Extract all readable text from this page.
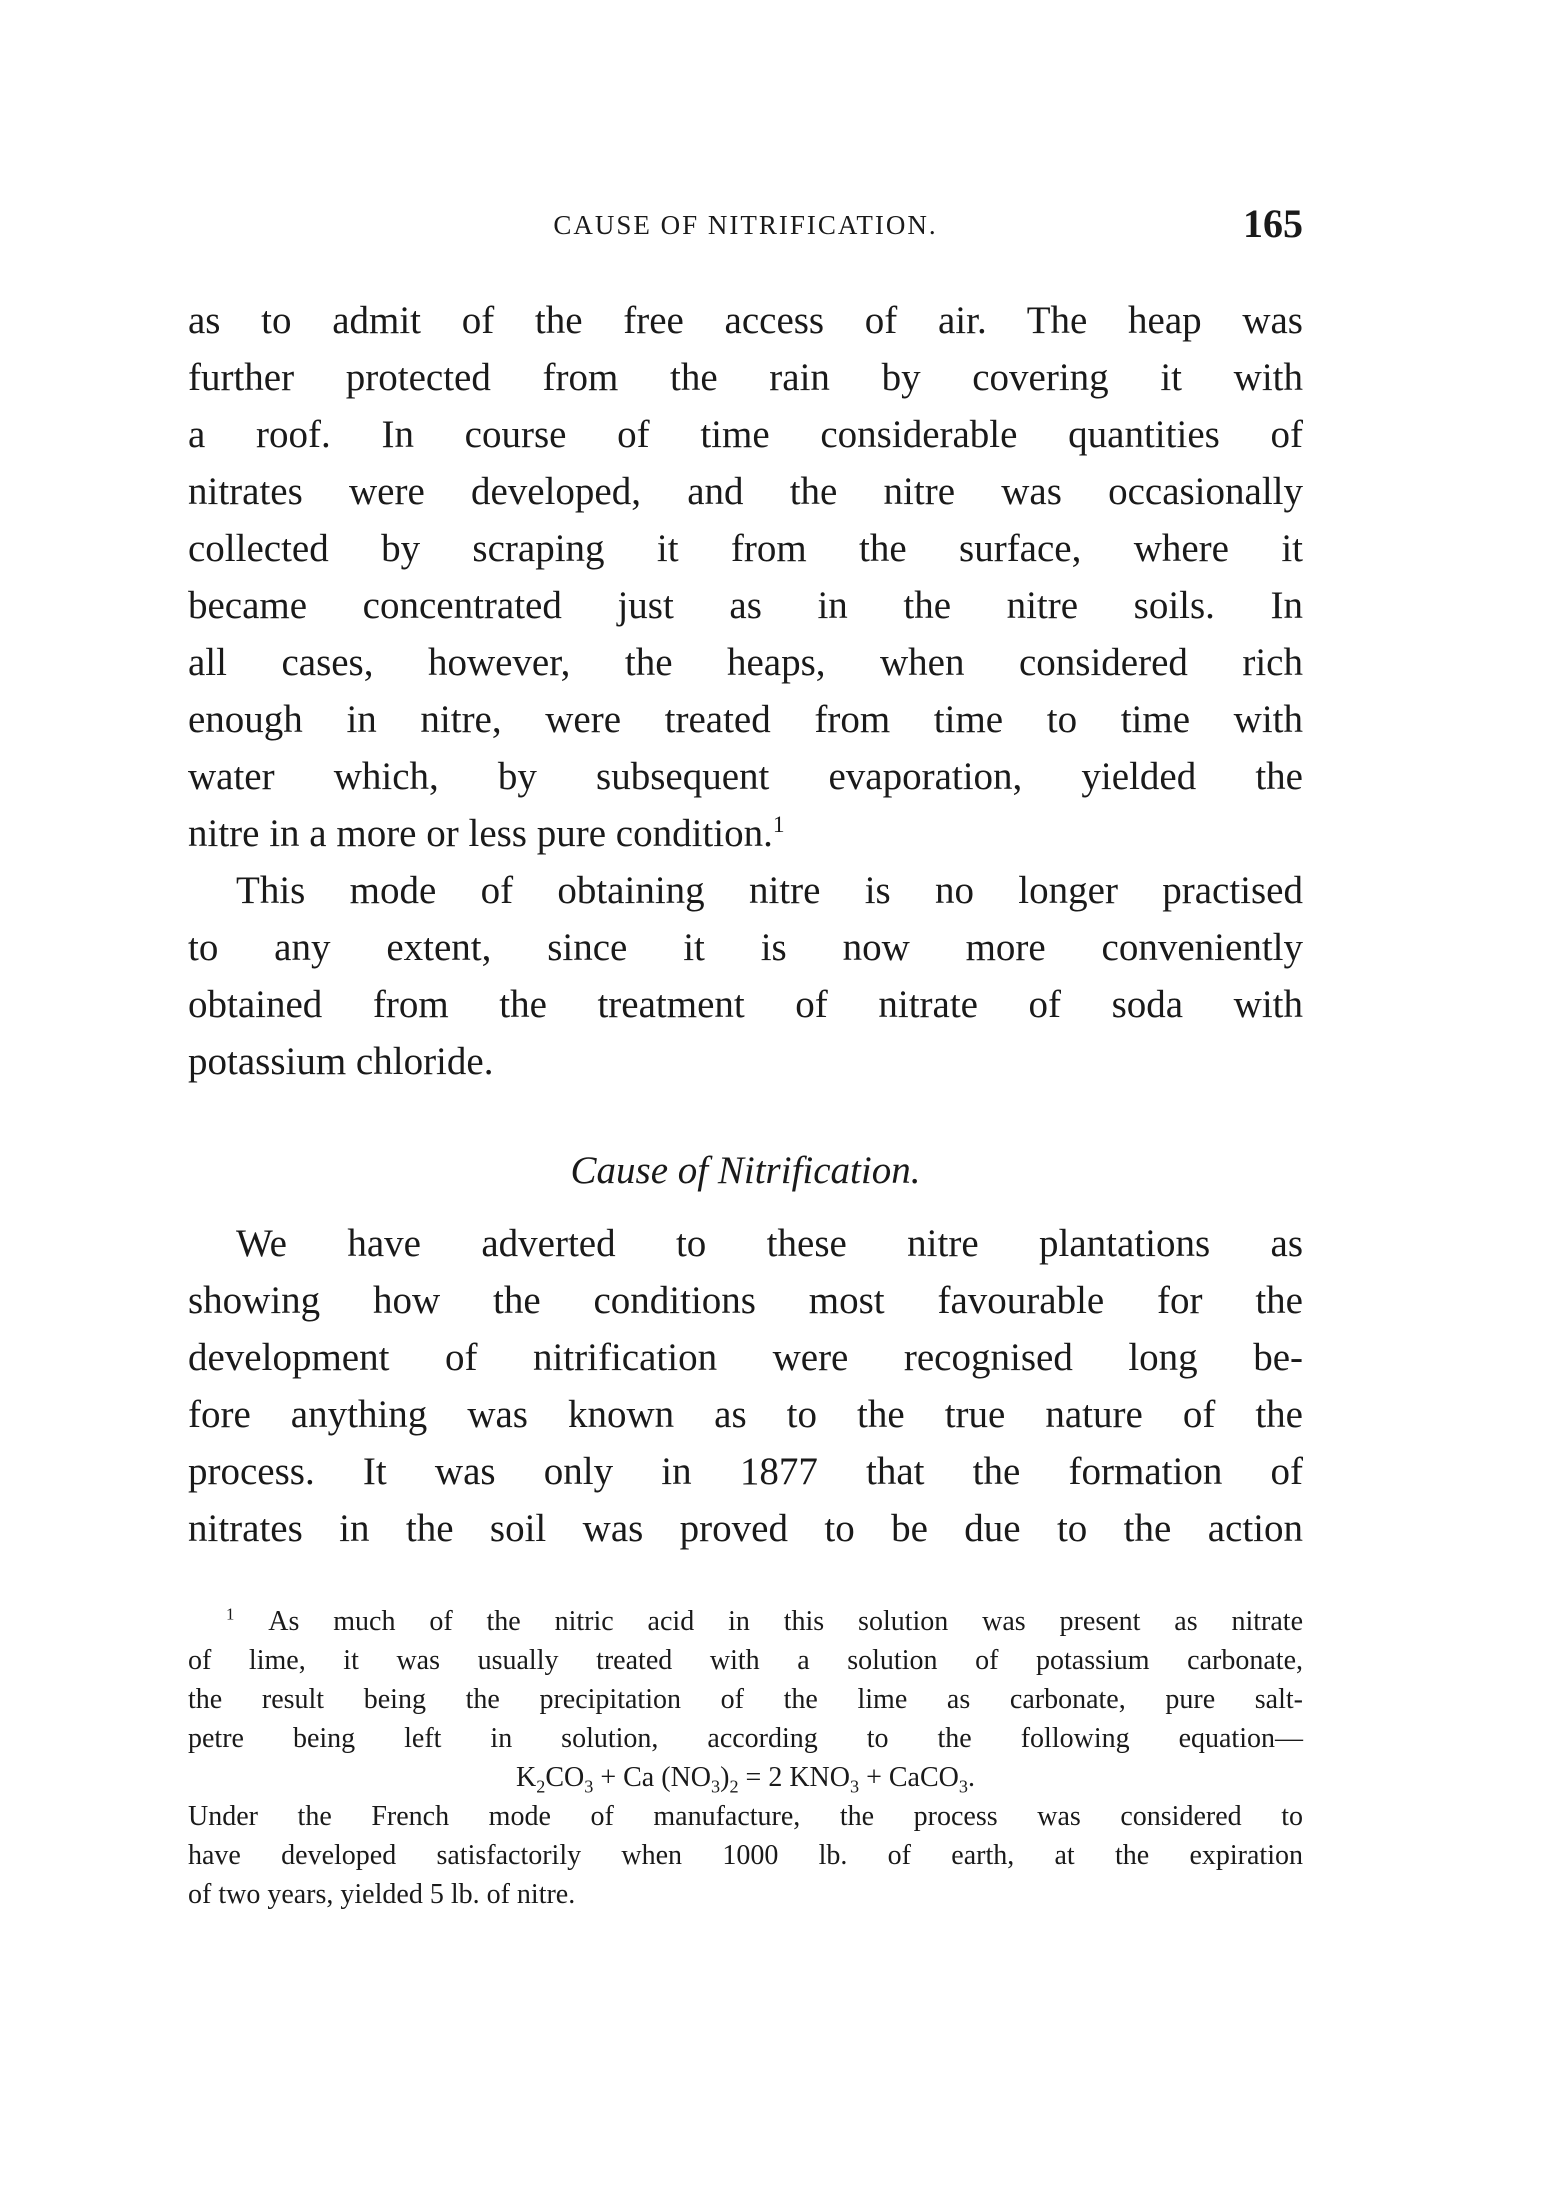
CAUSE OF NITRIFICATION.	165
as to admit of the free access of air. The heap was
further protected from the rain by covering it with
a roof. In course of time considerable quantities of
nitrates were developed, and the nitre was occasionally
collected by scraping it from the surface, where it
became concentrated just as in the nitre soils. In
all cases, however, the heaps, when considered rich
enough in nitre, were treated from time to time with
water which, by subsequent evaporation, yielded the
nitre in a more or less pure condition.$^1$
This mode of obtaining nitre is no longer practised
to any extent, since it is now more conveniently
obtained from the treatment of nitrate of soda with
potassium chloride.
Cause of Nitrification.
We have adverted to these nitre plantations as
showing how the conditions most favourable for the
development of nitrification were recognised long be-
fore anything was known as to the true nature of the
process. It was only in 1877 that the formation of
nitrates in the soil was proved to be due to the action
$^1$ As much of the nitric acid in this solution was present as nitrate
of lime, it was usually treated with a solution of potassium carbonate,
the result being the precipitation of the lime as carbonate, pure salt-
petre being left in solution, according to the following equation—
$K_2CO_3 + Ca$ $(NO_3)_2 = 2$ $KNO_3$ + CaCO$_3$.
Under the French mode of manufacture, the process was considered to
have developed satisfactorily when 1000 lb. of earth, at the expiration
of two years, yielded 5 lb. of nitre.
